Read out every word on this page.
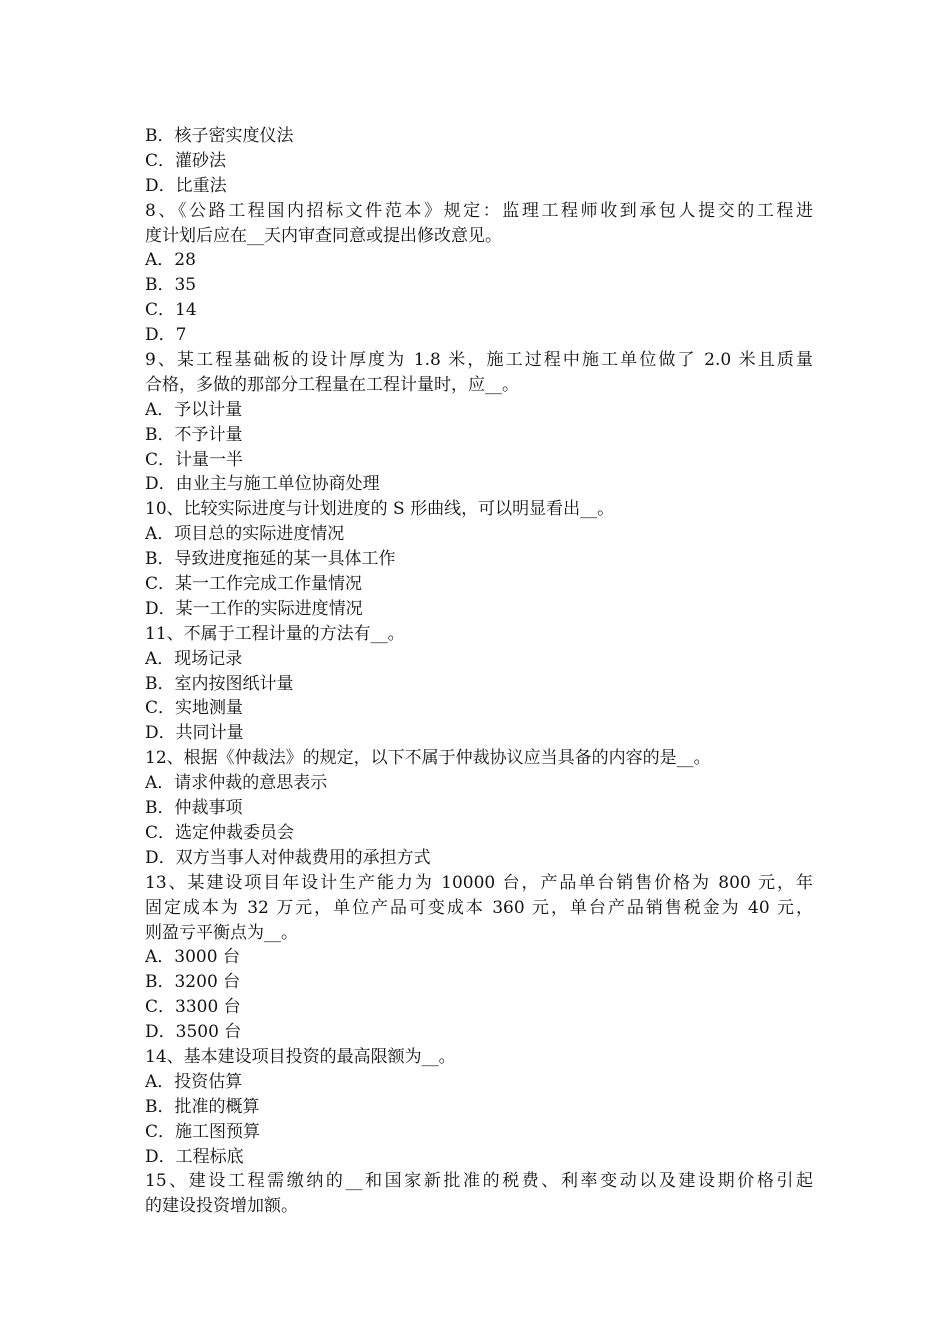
B．核子密实度仪法
C．灌砂法
D．比重法
8、《公路工程国内招标文件范本》规定：监理工程师收到承包人提交的工程进
度计划后应在__天内审查同意或提出修改意见。
A．28
B．35
C．14
D．7
9、某工程基础板的设计厚度为 1.8 米，施工过程中施工单位做了 2.0 米且质量
合格，多做的那部分工程量在工程计量时，应__。
A．予以计量
B．不予计量
C．计量一半
D．由业主与施工单位协商处理
10、比较实际进度与计划进度的 S 形曲线，可以明显看出__。
A．项目总的实际进度情况
B．导致进度拖延的某一具体工作
C．某一工作完成工作量情况
D．某一工作的实际进度情况
11、不属于工程计量的方法有__。
A．现场记录
B．室内按图纸计量
C．实地测量
D．共同计量
12、根据《仲裁法》的规定，以下不属于仲裁协议应当具备的内容的是__。
A．请求仲裁的意思表示
B．仲裁事项
C．选定仲裁委员会
D．双方当事人对仲裁费用的承担方式
13、某建设项目年设计生产能力为 10000 台，产品单台销售价格为 800 元，年
固定成本为 32 万元，单位产品可变成本 360 元，单台产品销售税金为 40 元，
则盈亏平衡点为__。
A．3000 台
B．3200 台
C．3300 台
D．3500 台
14、基本建设项目投资的最高限额为__。
A．投资估算
B．批准的概算
C．施工图预算
D．工程标底
15、建设工程需缴纳的__和国家新批准的税费、利率变动以及建设期价格引起
的建设投资增加额。
